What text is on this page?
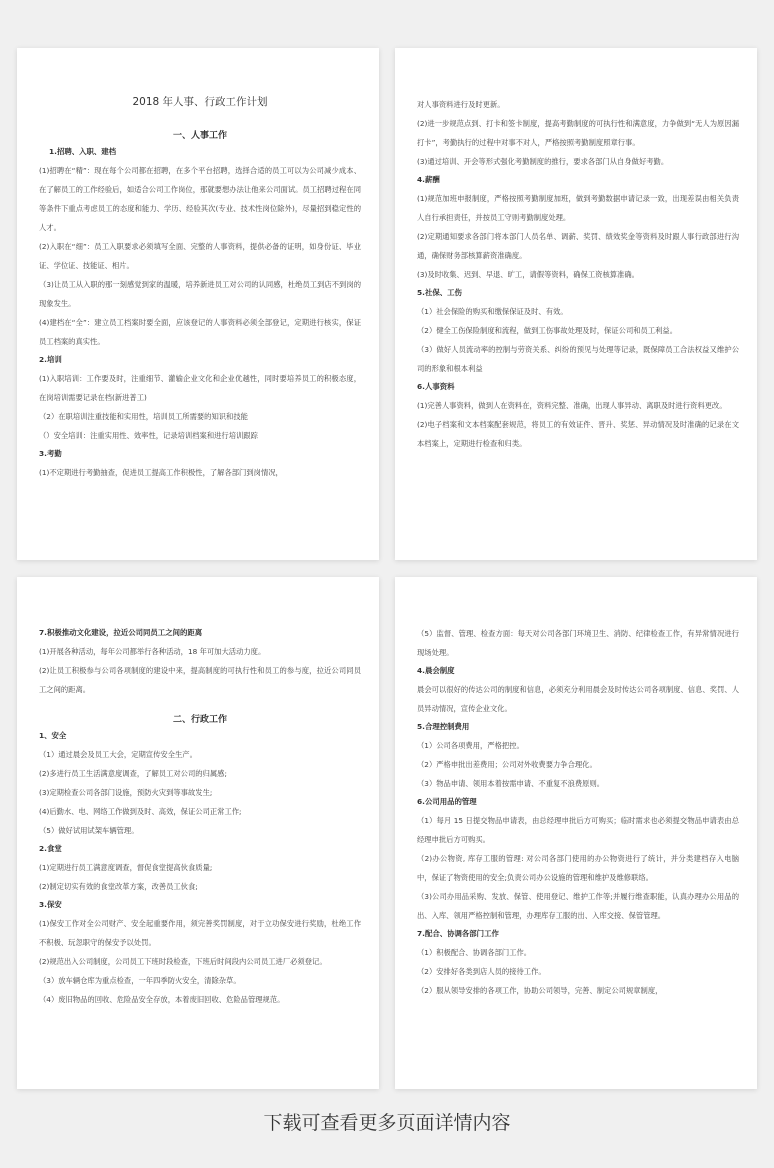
2018 年人事、行政工作计划
一、人事工作
1.招聘、入职、建档

(1)招聘在“精”：现在每个公司都在招聘，在多个平台招聘，选择合适的员工可以为公司减少成本、在了解员工的工作经验后，如适合公司工作岗位，那就要想办法让他来公司面试。员工招聘过程在同等条件下重点考虑员工的态度和能力、学历、经验其次(专业、技术性岗位除外)，尽量招到稳定性的人才。

(2)入职在“细”：员工入职要求必须填写全面、完整的人事资料，提供必备的证明，如身份证、毕业证、学位证、技能证、相片。

（3)让员工从入职的那一刻感觉到家的温暖，培养新进员工对公司的认同感，杜绝员工到店不到岗的现象发生。

(4)建档在“全”：建立员工档案时要全面，应该登记的人事资料必须全部登记，定期进行核实，保证员工档案的真实性。

2.培训

(1)入职培训：工作要及时，注重细节、灌输企业文化和企业优越性，同时要培养员工的积极态度，在岗培训需要记录在档(新进普工)

（2）在职培训注重技能和实用性，培训员工所需要的知识和技能

（）安全培训：注重实用性、效率性，记录培训档案和进行培训跟踪

3.考勤

(1)不定期进行考勤抽查，促进员工提高工作积极性，了解各部门到岗情况，

对人事资料进行及时更新。

(2)进一步规范点到、打卡和签卡制度，提高考勤制度的可执行性和满意度，力争做到“无人为原因漏打卡”，考勤执行的过程中对事不对人，严格按照考勤制度照章行事。

(3)通过培训、开会等形式强化考勤制度的推行，要求各部门从自身做好考勤。

4.薪酬

(1)规范加班申报制度，严格按照考勤制度加班，做到考勤数据申请记录一致，出现差误由相关负责人自行承担责任，并按员工守则考勤制度处理。

(2)定期通知要求各部门将本部门人员名单、调薪、奖罚、绩效奖金等资料及时跟人事行政部进行沟通，确保财务部核算薪资准确度。

(3)及时收集、迟到、早退、旷工，请假等资料，确保工资核算准确。

5.社保、工伤

（1）社会保险的购买和缴保保证及时、有效。

（2）健全工伤保险制度和流程，做到工伤事故处理及时，保证公司和员工利益。

（3）做好人员流动率的控制与劳资关系、纠纷的预见与处理等记录，既保障员工合法权益又维护公司的形象和根本利益

6.人事资料

(1)完善人事资料，做到人在资料在，资料完整、准确，出现人事异动、离职及时进行资料更改。

(2)电子档案和文本档案配套规范，将员工的有效证件、晋升、奖惩、异动情况及时准确的记录在文本档案上，定期进行检查和归类。

7.积极推动文化建设，拉近公司同员工之间的距离

(1)开展各种活动，每年公司都举行各种活动，18 年可加大活动力度。

(2)让员工积极参与公司各项制度的建设中来，提高制度的可执行性和员工的参与度，拉近公司同员工之间的距离。

二、行政工作
1、安全

（1）通过晨会及员工大会，定期宣传安全生产。

(2)多进行员工生活满意度调查，了解员工对公司的归属感;

(3)定期检查公司各部门设施，预防火灾到等事故发生;

(4)后勤水、电、网络工作做到及时、高效，保证公司正常工作;

（5）做好试用试架车辆管理。

2.食堂

(1)定期进行员工满意度调查，督促食堂提高伙食质量;

(2)制定切实有效的食堂改革方案，改善员工伙食;

3.保安

(1)保安工作对全公司财产、安全起重要作用，须完善奖罚制度，对于立功保安进行奖励，杜绝工作不积极、玩忽职守的保安予以处罚。

(2)规范出入公司制度，公司员工下班时段检查，下班后时间段内公司员工进厂必须登记。

（3）放车辆仓库为重点检查，一年四季防火安全，清除杂草。

（4）废旧物品的回收、危险品安全存放，本着废旧回收、危险品管理规范。

（5）监督、管理、检查方面：每天对公司各部门环境卫生、消防、纪律检查工作，有异常情况进行现场处理。

4.晨会制度

晨会可以很好的传达公司的制度和信息，必须充分利用晨会及时传达公司各项制度、信息、奖罚、人员异动情况，宣传企业文化。

5.合理控制费用

（1）公司各项费用，严格把控。

（2）严格申批出差费用；公司对外收费要力争合理化。

（3）物品申请、领用本着按需申请、不重复不浪费原则。

6.公司用品的管理

（1）每月 15 日提交物品申请表，由总经理申批后方可购买；临时需求也必须提交物品申请表由总经理申批后方可购买。

（2)办公物资, 库存工服的管理: 对公司各部门使用的办公物资进行了统计，并分类建档存入电脑中，保证了物资使用的安全;负责公司办公设施的管理和维护及维修联络。

（3)公司办用品采购、发放、保管、使用登记、维护工作等;并履行维查职能，认真办理办公用品的出、入库、领用严格控制和管理，办理库存工服的出、入库交接、保管管理。

7.配合、协调各部门工作

（1）积极配合、协调各部门工作。

（2）安排好各类到店人员的接待工作。

（2）服从领导安排的各项工作，协助公司领导，完善、制定公司规章制度，

下载可查看更多页面详情内容
